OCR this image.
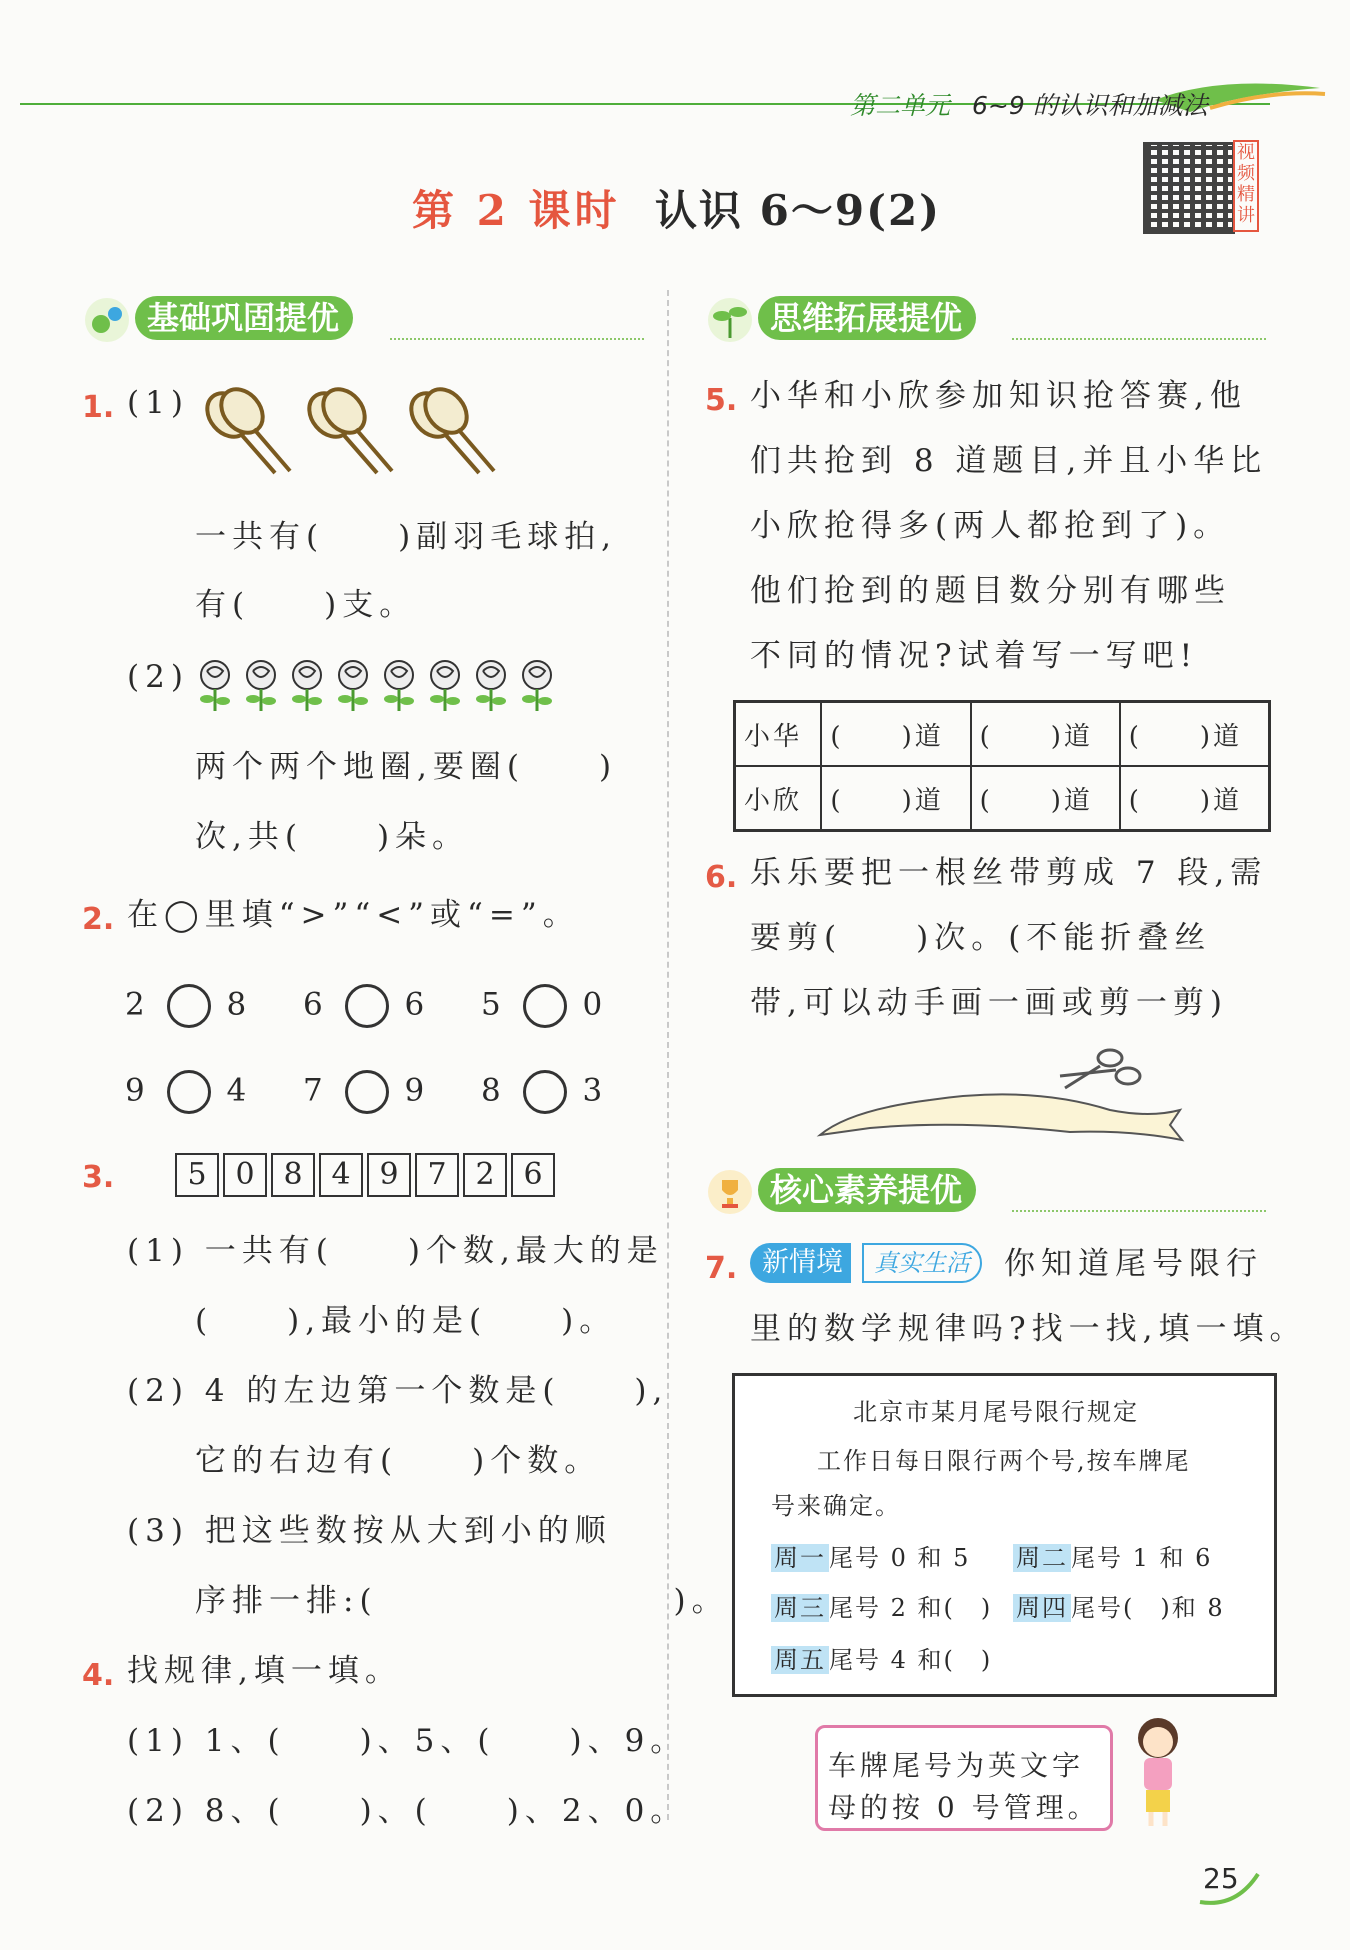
第二单元 6~9 的认识和加减法
第 2 课时 认识 6～9(2)
视
频
精
讲
基础巩固提优
1. (1)
一共有(　　)副羽毛球拍,
有(　　)支。
(2)
两个两个地圈,要圈(　　)
次,共(　　)朵。
2. 在◯里填“>”“<”或“=”。
2 8 6 6 5 0
9 4 7 9 8 3
3.	5 0 8 4 9 7 2 6
(1) 一共有(　　)个数,最大的是
(　　),最小的是(　　)。
(2) 4 的左边第一个数是(　　),
它的右边有(　　)个数。
(3) 把这些数按从大到小的顺
序排一排:(　　　　　　　　)。
4. 找规律,填一填。
(1) 1、(　　)、5、(　　)、9。
(2) 8、(　　)、(　　)、2、0。
思维拓展提优
5. 小华和小欣参加知识抢答赛,他
们共抢到 8 道题目,并且小华比
小欣抢得多(两人都抢到了)。
他们抢到的题目数分别有哪些
不同的情况?试着写一写吧!
小华	(　　)道	(　　)道	(　　)道
小欣	(　　)道	(　　)道	(　　)道
6. 乐乐要把一根丝带剪成 7 段,需
要剪(　　)次。(不能折叠丝
带,可以动手画一画或剪一剪)
核心素养提优
7. 新情境	真实生活	你知道尾号限行
里的数学规律吗?找一找,填一填。
北京市某月尾号限行规定
工作日每日限行两个号,按车牌尾
号来确定。
周一 尾号 0 和 5 周二 尾号 1 和 6
周三 尾号 2 和(　) 周四 尾号(　)和 8
周五 尾号 4 和(　)
车牌尾号为英文字
母的按 0 号管理。
25
